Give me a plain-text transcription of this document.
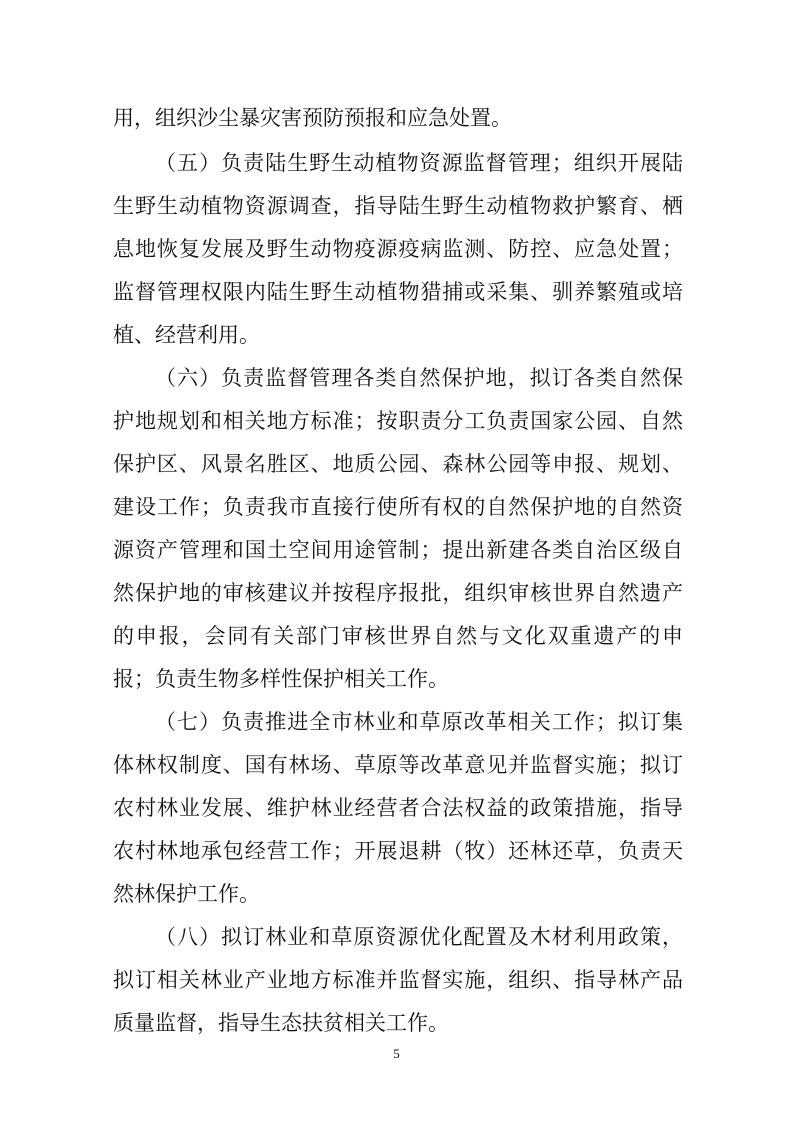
用，组织沙尘暴灾害预防预报和应急处置。
（五）负责陆生野生动植物资源监督管理；组织开展陆
生野生动植物资源调查，指导陆生野生动植物救护繁育、栖
息地恢复发展及野生动物疫源疫病监测、防控、应急处置；
监督管理权限内陆生野生动植物猎捕或采集、驯养繁殖或培
植、经营利用。
（六）负责监督管理各类自然保护地，拟订各类自然保
护地规划和相关地方标准；按职责分工负责国家公园、自然
保护区、风景名胜区、地质公园、森林公园等申报、规划、
建设工作；负责我市直接行使所有权的自然保护地的自然资
源资产管理和国土空间用途管制；提出新建各类自治区级自
然保护地的审核建议并按程序报批，组织审核世界自然遗产
的申报，会同有关部门审核世界自然与文化双重遗产的申
报；负责生物多样性保护相关工作。
（七）负责推进全市林业和草原改革相关工作；拟订集
体林权制度、国有林场、草原等改革意见并监督实施；拟订
农村林业发展、维护林业经营者合法权益的政策措施，指导
农村林地承包经营工作；开展退耕（牧）还林还草，负责天
然林保护工作。
（八）拟订林业和草原资源优化配置及木材利用政策，
拟订相关林业产业地方标准并监督实施，组织、指导林产品
质量监督，指导生态扶贫相关工作。
5
